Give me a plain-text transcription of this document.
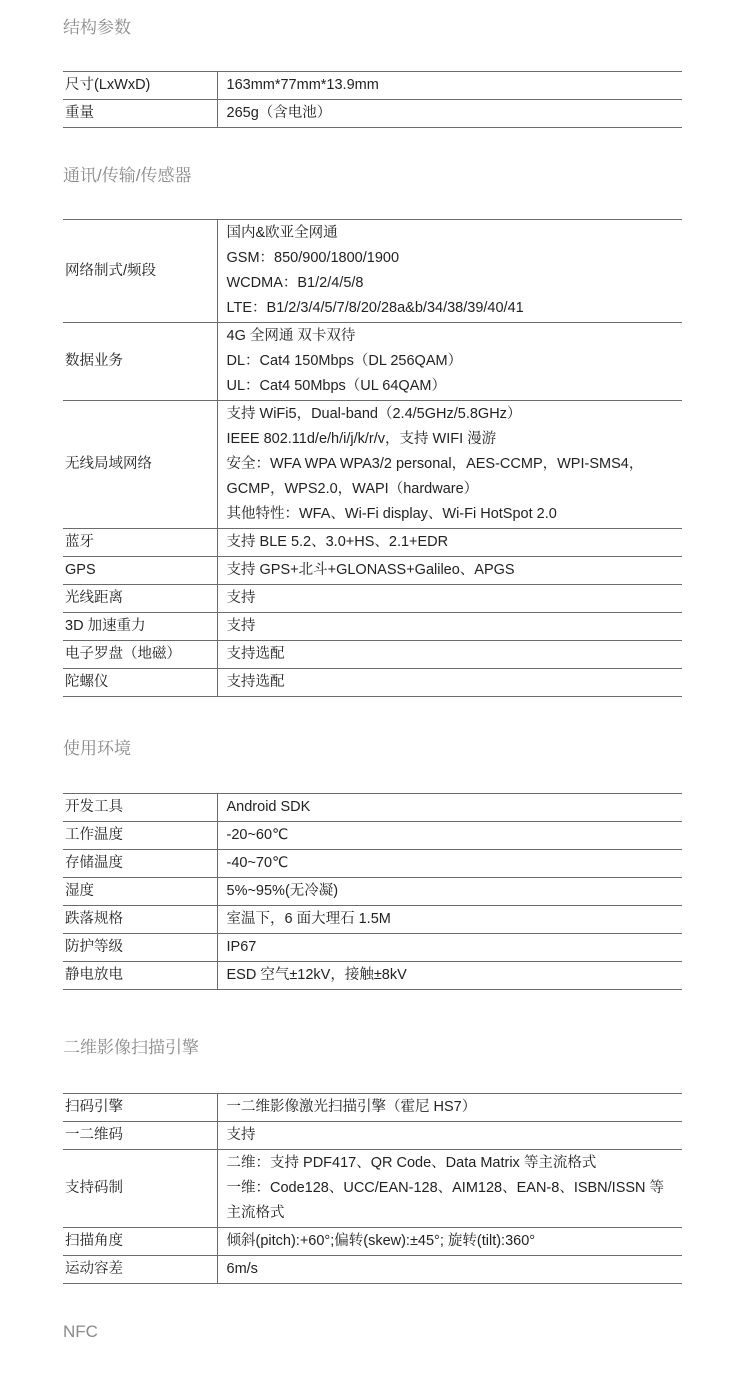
结构参数
尺寸(LxWxD)	163mm*77mm*13.9mm

重量	265g（含电池）
通讯/传输/传感器
网络制式/频段	国内&欧亚全网通
GSM：850/900/1800/1900
WCDMA：B1/2/4/5/8
LTE：B1/2/3/4/5/7/8/20/28a&b/34/38/39/40/41

数据业务	4G 全网通 双卡双待
DL：Cat4 150Mbps（DL 256QAM）
UL：Cat4 50Mbps（UL 64QAM）

无线局域网络	支持 WiFi5，Dual-band（2.4/5GHz/5.8GHz）
IEEE 802.11d/e/h/i/j/k/r/v，支持 WIFI 漫游
安全：WFA WPA WPA3/2 personal，AES-CCMP，WPI-SMS4，
GCMP，WPS2.0，WAPI（hardware）
其他特性：WFA、Wi-Fi display、Wi-Fi HotSpot 2.0

蓝牙	支持 BLE 5.2、3.0+HS、2.1+EDR

GPS	支持 GPS+北斗+GLONASS+Galileo、APGS

光线距离	支持

3D 加速重力	支持

电子罗盘（地磁）	支持选配

陀螺仪	支持选配
使用环境
开发工具	Android SDK

工作温度	-20~60℃

存储温度	-40~70℃

湿度	5%~95%(无冷凝)

跌落规格	室温下，6 面大理石 1.5M

防护等级	IP67

静电放电	ESD 空气±12kV，接触±8kV
二维影像扫描引擎
扫码引擎	一二维影像激光扫描引擎（霍尼 HS7）

一二维码	支持

支持码制	二维：支持 PDF417、QR Code、Data Matrix 等主流格式
一维：Code128、UCC/EAN-128、AIM128、EAN-8、ISBN/ISSN 等
主流格式

扫描角度	倾斜(pitch):+60°;偏转(skew):±45°; 旋转(tilt):360°

运动容差	6m/s
NFC
